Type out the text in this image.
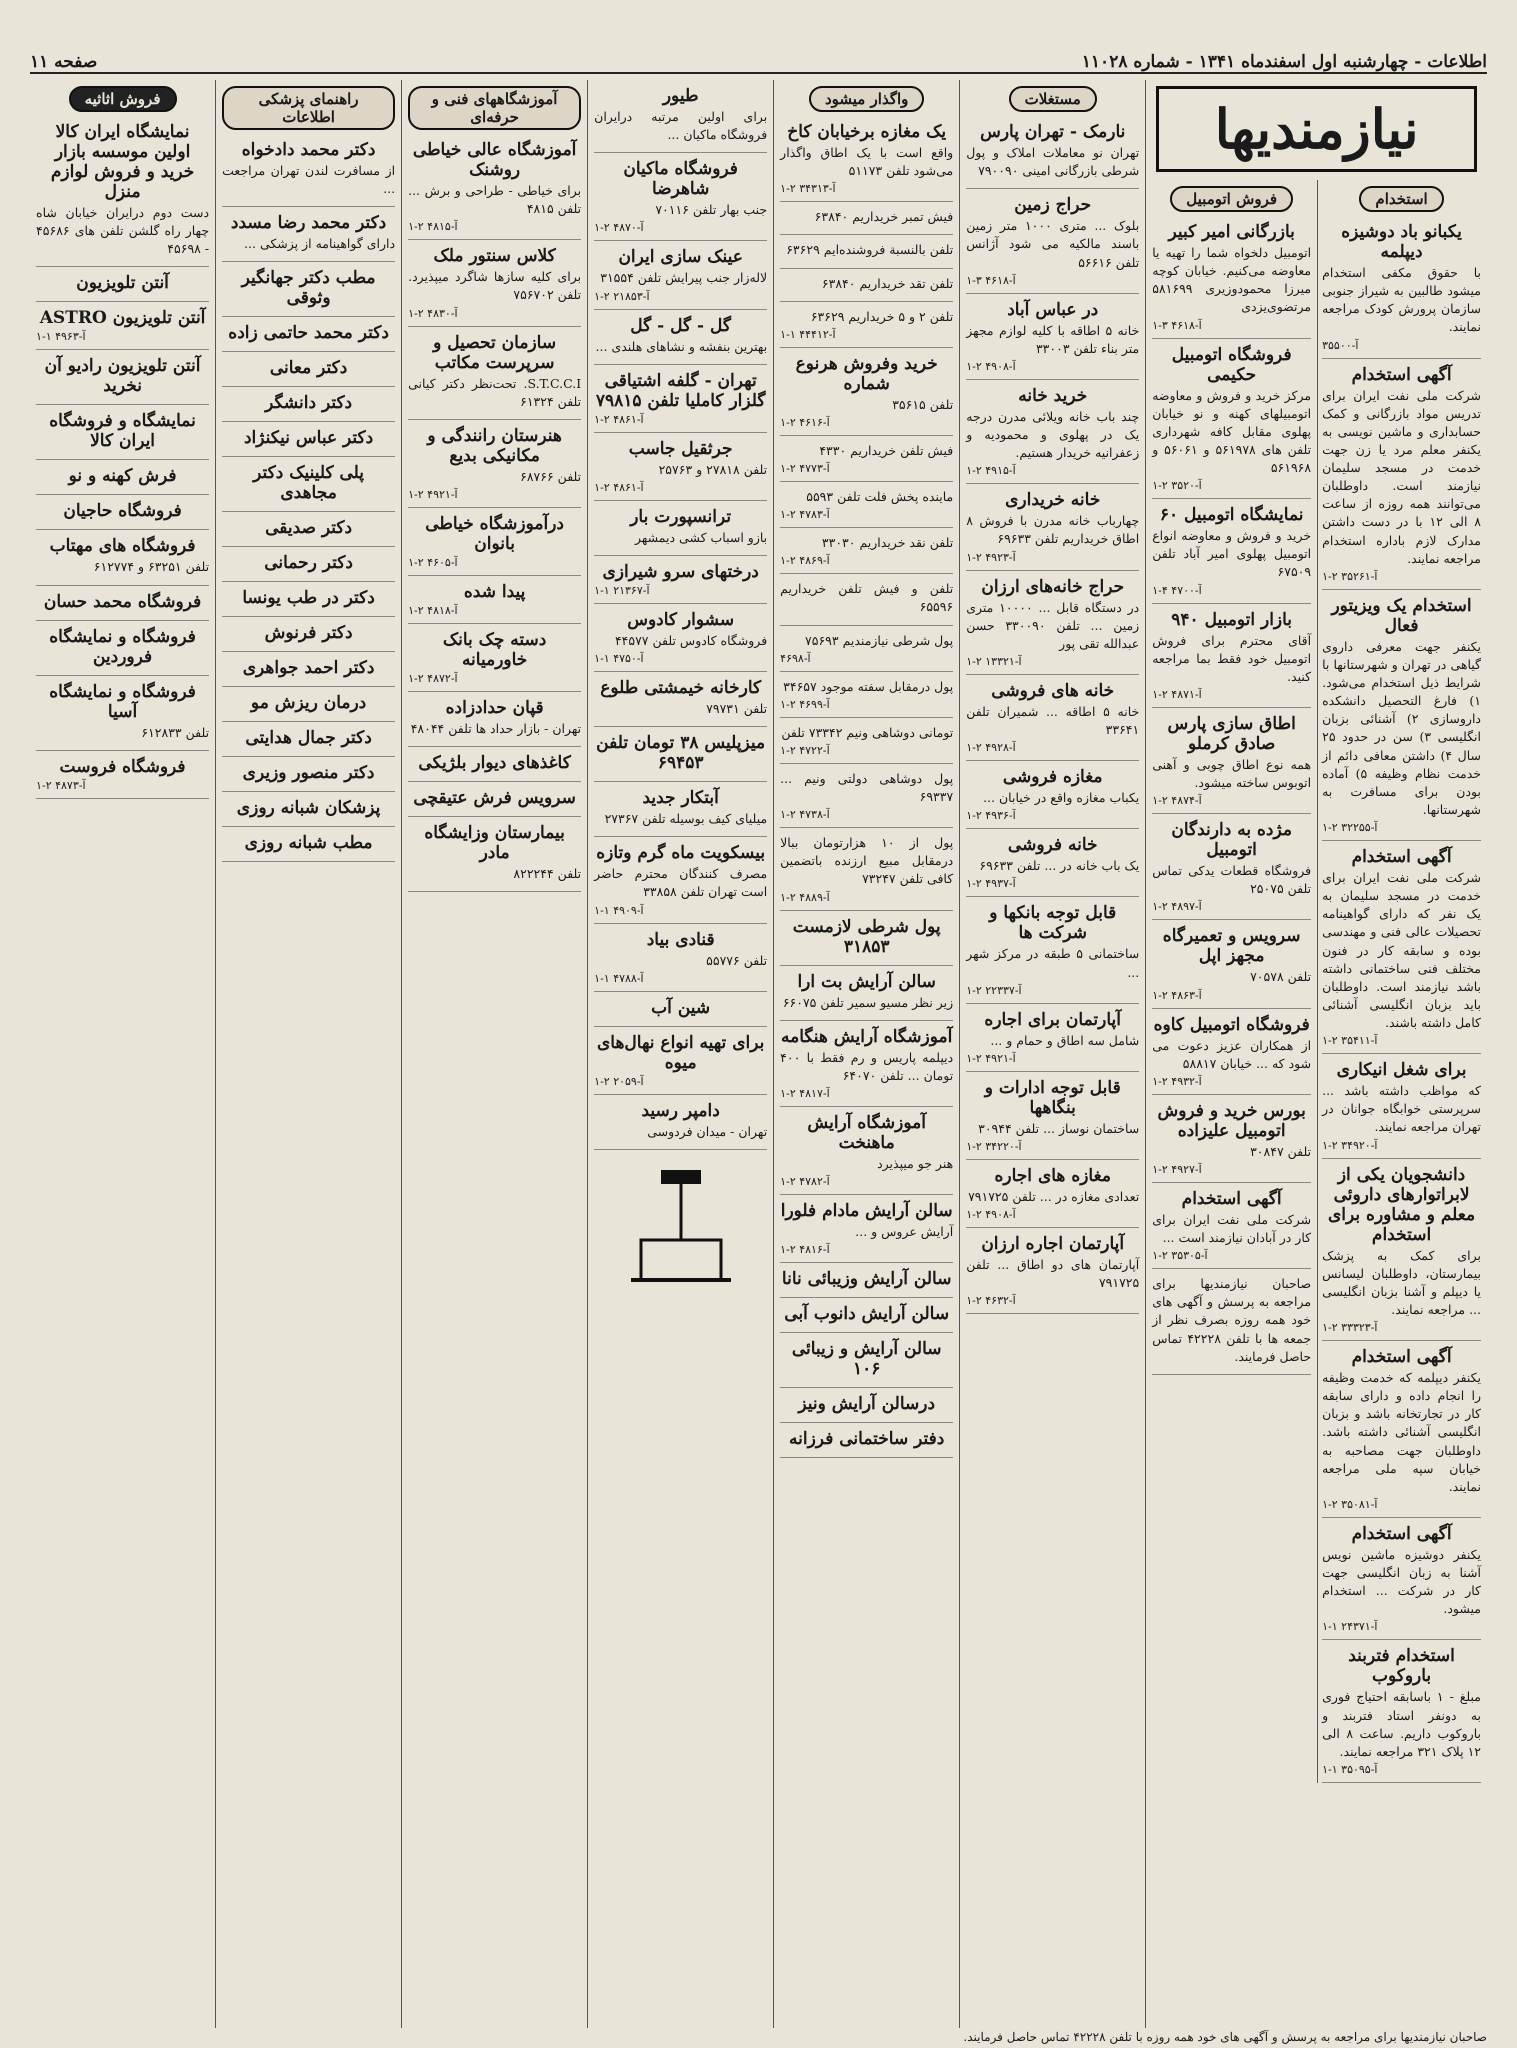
اطلاعات - چهارشنبه اول اسفندماه ۱۳۴۱ - شماره ۱۱۰۲۸
صفحه ۱۱
نیازمندیها
استخدام
یکبانو باد دوشیزه دیپلمه

با حقوق مکفی استخدام میشود طالبین به شیراز جنوبی سازمان پرورش کودک مراجعه نمایند.

آ-۳۵۵۰۰
آگهی استخدام

شرکت ملی نفت ایران برای تدریس مواد بازرگانی و کمک حسابداری و ماشین نویسی به یکنفر معلم مرد یا زن جهت خدمت در مسجد سلیمان نیازمند است. داوطلبان می‌توانند همه روزه از ساعت ۸ الی ۱۲ با در دست داشتن مدارک لازم باداره استخدام مراجعه نمایند.

آ-۳۵۲۶۱ ۲-۱
استخدام یک ویزیتور فعال

یکنفر جهت معرفی داروی گیاهی در تهران و شهرستانها با شرایط ذیل استخدام می‌شود. ۱) فارغ التحصیل دانشکده داروسازی ۲) آشنائی بزبان انگلیسی ۳) سن در حدود ۲۵ سال ۴) داشتن معافی دائم از خدمت نظام وظیفه ۵) آماده بودن برای مسافرت به شهرستانها.

آ-۳۲۲۵۵ ۲-۱
آگهی استخدام

شرکت ملی نفت ایران برای خدمت در مسجد سلیمان به یک نفر که دارای گواهینامه تحصیلات عالی فنی و مهندسی بوده و سابقه کار در فنون مختلف فنی ساختمانی داشته باشد نیازمند است. داوطلبان باید بزبان انگلیسی آشنائی کامل داشته باشند.

آ-۳۵۴۱۱ ۲-۱
برای شغل انیکاری

که مواظب داشته باشد ... سرپرستی خوابگاه جوانان در تهران مراجعه نمایند.

آ-۳۴۹۲۰ ۲-۱
دانشجویان یکی از لابراتوارهای داروئی معلم و مشاوره برای استخدام

برای کمک به پزشک بیمارستان، داوطلبان لیسانس یا دیپلم و آشنا بزبان انگلیسی ... مراجعه نمایند.

آ-۳۳۳۲۳ ۲-۱
آگهی استخدام

یکنفر دیپلمه که خدمت وظیفه را انجام داده و دارای سابقه کار در تجارتخانه باشد و بزبان انگلیسی آشنائی داشته باشد. داوطلبان جهت مصاحبه به خیابان سپه ملی مراجعه نمایند.

آ-۳۵۰۸۱ ۲-۱
آگهی استخدام

یکنفر دوشیزه ماشین نویس آشنا به زبان انگلیسی جهت کار در شرکت ... استخدام میشود.

آ-۲۴۳۷۱ ۱-۱
استخدام فتربند باروکوب

مبلغ - ۱ باسابقه احتیاج فوری به دونفر استاد فتربند و باروکوب داریم. ساعت ۸ الی ۱۲ پلاک ۳۲۱ مراجعه نمایند.

آ-۳۵۰۹۵ ۱-۱
فروش اتومبیل
بازرگانی امیر کبیر

اتومبیل دلخواه شما را تهیه یا معاوضه می‌کنیم. خیابان کوچه میرزا محمودوزیری ۵۸۱۶۹۹ مرتضوی‌یزدی

آ-۴۶۱۸ ۳-۱
فروشگاه اتومبیل حکیمی

مرکز خرید و فروش و معاوضه اتومبیلهای کهنه و نو خیابان پهلوی مقابل کافه شهرداری تلفن های ۵۶۱۹۷۸ و ۵۶۰۶۱ و ۵۶۱۹۶۸

آ-۳۵۲۰ ۲-۱
نمایشگاه اتومبیل ۶۰

خرید و فروش و معاوضه انواع اتومبیل پهلوی امیر آباد تلفن ۶۷۵۰۹

آ-۴۷۰۰ ۴-۱
بازار اتومبیل ۹۴۰

آقای محترم برای فروش اتومبیل خود فقط بما مراجعه کنید.

آ-۴۸۷۱ ۲-۱
اطاق سازی پارس صادق کرملو

همه نوع اطاق چوبی و آهنی اتوبوس ساخته میشود.

آ-۴۸۷۴ ۲-۱
مژده به دارندگان اتومبیل

فروشگاه قطعات یدکی تماس تلفن ۲۵۰۷۵

آ-۴۸۹۷ ۲-۱
سرویس و تعمیرگاه مجهز اپل

تلفن ۷۰۵۷۸

آ-۴۸۶۳ ۲-۱
فروشگاه اتومبیل کاوه

از همکاران عزیز دعوت می شود که ... خیابان ۵۸۸۱۷

آ-۴۹۳۲ ۲-۱
بورس خرید و فروش اتومبیل علیزاده

تلفن ۳۰۸۴۷

آ-۴۹۲۷ ۲-۱
آگهی استخدام

شرکت ملی نفت ایران برای کار در آبادان نیازمند است ...

آ-۳۵۳۰۵ ۲-۱

صاحبان نیازمندیها برای مراجعه به پرسش و آگهی های خود همه روزه بصرف نظر از جمعه ها با تلفن ۴۲۲۲۸ تماس حاصل فرمایند.

مستغلات
نارمک - تهران پارس

تهران نو معاملات املاک و پول شرطی بازرگانی امینی ۷۹۰۰۹۰

حراج زمین

بلوک ... متری ۱۰۰۰ متر زمین باسند مالکیه می شود آژانس تلفن ۵۶۶۱۶

آ-۴۶۱۸ ۳-۱
در عباس آباد

خانه ۵ اطاقه با کلیه لوازم مجهز متر بناء تلفن ۳۳۰۰۳

آ-۴۹۰۸ ۲-۱
خرید خانه

چند باب خانه ویلائی مدرن درجه یک در پهلوی و محمودیه و زعفرانیه خریدار هستیم.

آ-۴۹۱۵ ۲-۱
خانه خریداری

چهارباب خانه مدرن با فروش ۸ اطاق خریداریم تلفن ۶۹۶۳۳

آ-۴۹۲۳ ۲-۱
حراج خانه‌های ارزان

در دستگاه قابل ... ۱۰۰۰۰ متری زمین ... تلفن ۳۳۰۰۹۰ حسن عبدالله تقی پور

آ-۱۳۳۲۱ ۲-۱
خانه های فروشی

خانه ۵ اطاقه ... شمیران تلفن ۳۳۶۴۱

آ-۴۹۲۸ ۲-۱
مغازه فروشی

یکباب مغازه واقع در خیابان ...

آ-۴۹۳۶ ۲-۱
خانه فروشی

یک باب خانه در ... تلفن ۶۹۶۳۳

آ-۴۹۳۷ ۲-۱
قابل توجه بانکها و شرکت ها

ساختمانی ۵ طبقه در مرکز شهر ...

آ-۲۲۳۳۷ ۲-۱
آپارتمان برای اجاره

شامل سه اطاق و حمام و ...

آ-۴۹۲۱ ۲-۱
قابل توجه ادارات و بنگاهها

ساختمان نوساز ... تلفن ۳۰۹۴۴

آ-۳۴۲۲۰ ۲-۱
مغازه های اجاره

تعدادی مغازه در ... تلفن ۷۹۱۷۲۵

آ-۴۹۰۸ ۲-۱
آپارتمان اجاره ارزان

آپارتمان های دو اطاق ... تلفن ۷۹۱۷۲۵

آ-۴۶۳۲ ۲-۱
واگذار میشود
یک مغازه برخیابان کاخ

واقع است با یک اطاق واگذار می‌شود تلفن ۵۱۱۷۳

آ-۳۴۳۱۳ ۲-۱

فیش تمبر خریداریم ۶۳۸۴۰

تلفن بالنسبة فروشنده‌ایم ۶۳۶۲۹

تلفن تقد خریداریم ۶۳۸۴۰

تلفن ۲ و ۵ خریداریم ۶۳۶۲۹

آ-۴۴۴۱۲ ۱-۱
خرید وفروش هرنوع شماره

تلفن ۳۵۶۱۵

آ-۴۶۱۶ ۲-۱

فیش تلفن خریداریم ۴۳۳۰

آ-۴۷۷۳ ۲-۱

ماینده پخش فلت تلفن ۵۵۹۳

آ-۴۷۸۳ ۲-۱

تلفن نقد خریداریم ۳۳۰۳۰

آ-۴۸۶۹ ۲-۱

تلفن و فیش تلفن خریداریم ۶۵۵۹۶

پول شرطی نیازمندیم ۷۵۶۹۳

آ-۴۶۹۸

پول درمقابل سفته موجود ۳۴۶۵۷

آ-۴۶۹۹ ۲-۱

تومانی دوشاهی ونیم ۷۳۳۴۲ تلفن

آ-۴۷۲۲ ۲-۱

پول دوشاهی دولتی ونیم ... ۶۹۳۳۷

آ-۴۷۳۸ ۲-۱

پول از ۱۰ هزارتومان ببالا درمقابل مبیع ارزنده باتضمین کافی تلفن ۷۳۲۴۷

آ-۴۸۸۹ ۲-۱
پول شرطی لازمست ۳۱۸۵۳
سالن آرایش بت ارا

زیر نظر مسیو سمیر تلفن ۶۶۰۷۵

آموزشگاه آرایش هنگامه

دیپلمه پاریس و رم فقط با ۴۰۰ تومان ... تلفن ۶۴۰۷۰

آ-۴۸۱۷ ۲-۱
آموزشگاه آرایش ماهنخت

هنر جو میپذیرد

آ-۴۷۸۲ ۲-۱
سالن آرایش مادام فلورا

آرایش عروس و ...

آ-۴۸۱۶ ۲-۱
سالن آرایش وزیبائی نانا
سالن آرایش دانوب آبی
سالن آرایش و زیبائی ۱۰۶
درسالن آرایش ونیز
دفتر ساختمانی فرزانه
طیور

برای اولین مرتبه درایران فروشگاه ماکیان ...

فروشگاه ماکیان شاهرضا

جنب بهار تلفن ۷۰۱۱۶

آ-۴۸۷۰ ۲-۱
عینک سازی ایران

لاله‌زار جنب پیرایش تلفن ۳۱۵۵۴

آ-۲۱۸۵۳ ۲-۱
گل - گل - گل

بهترین بنفشه و نشاهای هلندی ...

تهران - گلفه اشتیاقی گلزار کاملیا تلفن ۷۹۸۱۵
آ-۴۸۶۱ ۲-۱
جرثقیل جاسب

تلفن ۲۷۸۱۸ و ۲۵۷۶۳

آ-۴۸۶۱ ۲-۱
ترانسپورت بار

بازو اسباب کشی دیمشهر

درختهای سرو شیرازی
آ-۲۱۳۶۷ ۱-۱
سشوار کادوس

فروشگاه کادوس تلفن ۴۴۵۷۷

آ-۴۷۵۰ ۱-۱
کارخانه خیمشتی طلوع

تلفن ۷۹۷۳۱

میزپلیس ۳۸ تومان تلفن ۶۹۴۵۳
آبتکار جدید

میلیای کیف بوسیله تلفن ۲۷۳۶۷

بیسکویت ماه گرم وتازه

مصرف کنندگان محترم حاضر است تهران تلفن ۳۳۸۵۸

آ-۴۹۰۹ ۱-۱
قنادی بیاد

تلفن ۵۵۷۷۶

آ-۴۷۸۸ ۱-۱
شین آب
برای تهیه انواع نهال‌های میوه
آ-۲۰۵۹ ۲-۱
دامپر رسید

تهران - میدان فردوسی

آموزشگاههای فنی و حرفه‌ای
آموزشگاه عالی خیاطی روشنک

برای خیاطی - طراحی و برش ... تلفن ۴۸۱۵

آ-۴۸۱۵ ۲-۱
کلاس سنتور ملک

برای کلیه سازها شاگرد میپذیرد. تلفن ۷۵۶۷۰۲

آ-۴۸۳۰ ۲-۱
سازمان تحصیل و سرپرست مکاتب

S.T.C.C.I. تحت‌نظر دکتر کیانی تلفن ۶۱۳۲۴

هنرستان رانندگی و مکانیکی بدیع

تلفن ۶۸۷۶۶

آ-۴۹۲۱ ۲-۱
درآموزشگاه خیاطی بانوان
آ-۴۶۰۵ ۲-۱
پیدا شده
آ-۴۸۱۸ ۲-۱
دسته چک بانک خاورمیانه
آ-۴۸۷۲ ۲-۱
قپان حدادزاده

تهران - بازار حداد ها تلفن ۴۸۰۴۴

کاغذهای دیوار بلژیکی
سرویس فرش عتیقچی
بیمارستان وزایشگاه مادر

تلفن ۸۲۲۲۴۴

راهنمای پزشکی اطلاعات
دکتر محمد دادخواه

از مسافرت لندن تهران مراجعت ...

دکتر محمد رضا مسدد

دارای گواهینامه از پزشکی ...

مطب دکتر جهانگیر وثوقی
دکتر محمد حاتمی زاده
دکتر معانی
دکتر دانشگر
دکتر عباس نیکنژاد
پلی کلینیک دکتر مجاهدی
دکتر صدیقی
دکتر رحمانی
دکتر در طب یونسا
دکتر فرنوش
دکتر احمد جواهری
درمان ریزش مو
دکتر جمال هدایتی
دکتر منصور وزیری
پزشکان شبانه روزی
مطب شبانه روزی
فروش اثاثیه
نمایشگاه ایران کالا اولین موسسه بازار خرید و فروش لوازم منزل

دست دوم درایران خیابان شاه چهار راه گلشن تلفن های ۴۵۶۸۶ - ۴۵۶۹۸

آنتن تلویزیون
آنتن تلویزیون ASTRO
آ-۴۹۶۳ ۱-۱
آنتن تلویزیون رادیو آن نخرید
نمایشگاه و فروشگاه ایران کالا
فرش کهنه و نو
فروشگاه حاجیان
فروشگاه های مهتاب

تلفن ۶۳۲۵۱ و ۶۱۲۷۷۴

فروشگاه محمد حسان
فروشگاه و نمایشگاه فروردین
فروشگاه و نمایشگاه آسیا

تلفن ۶۱۲۸۳۳

فروشگاه فروست
آ-۴۸۷۳ ۲-۱
صاحبان نیازمندیها برای مراجعه به پرسش و آگهی های خود همه روزه با تلفن ۴۲۲۲۸ تماس حاصل فرمایند.
